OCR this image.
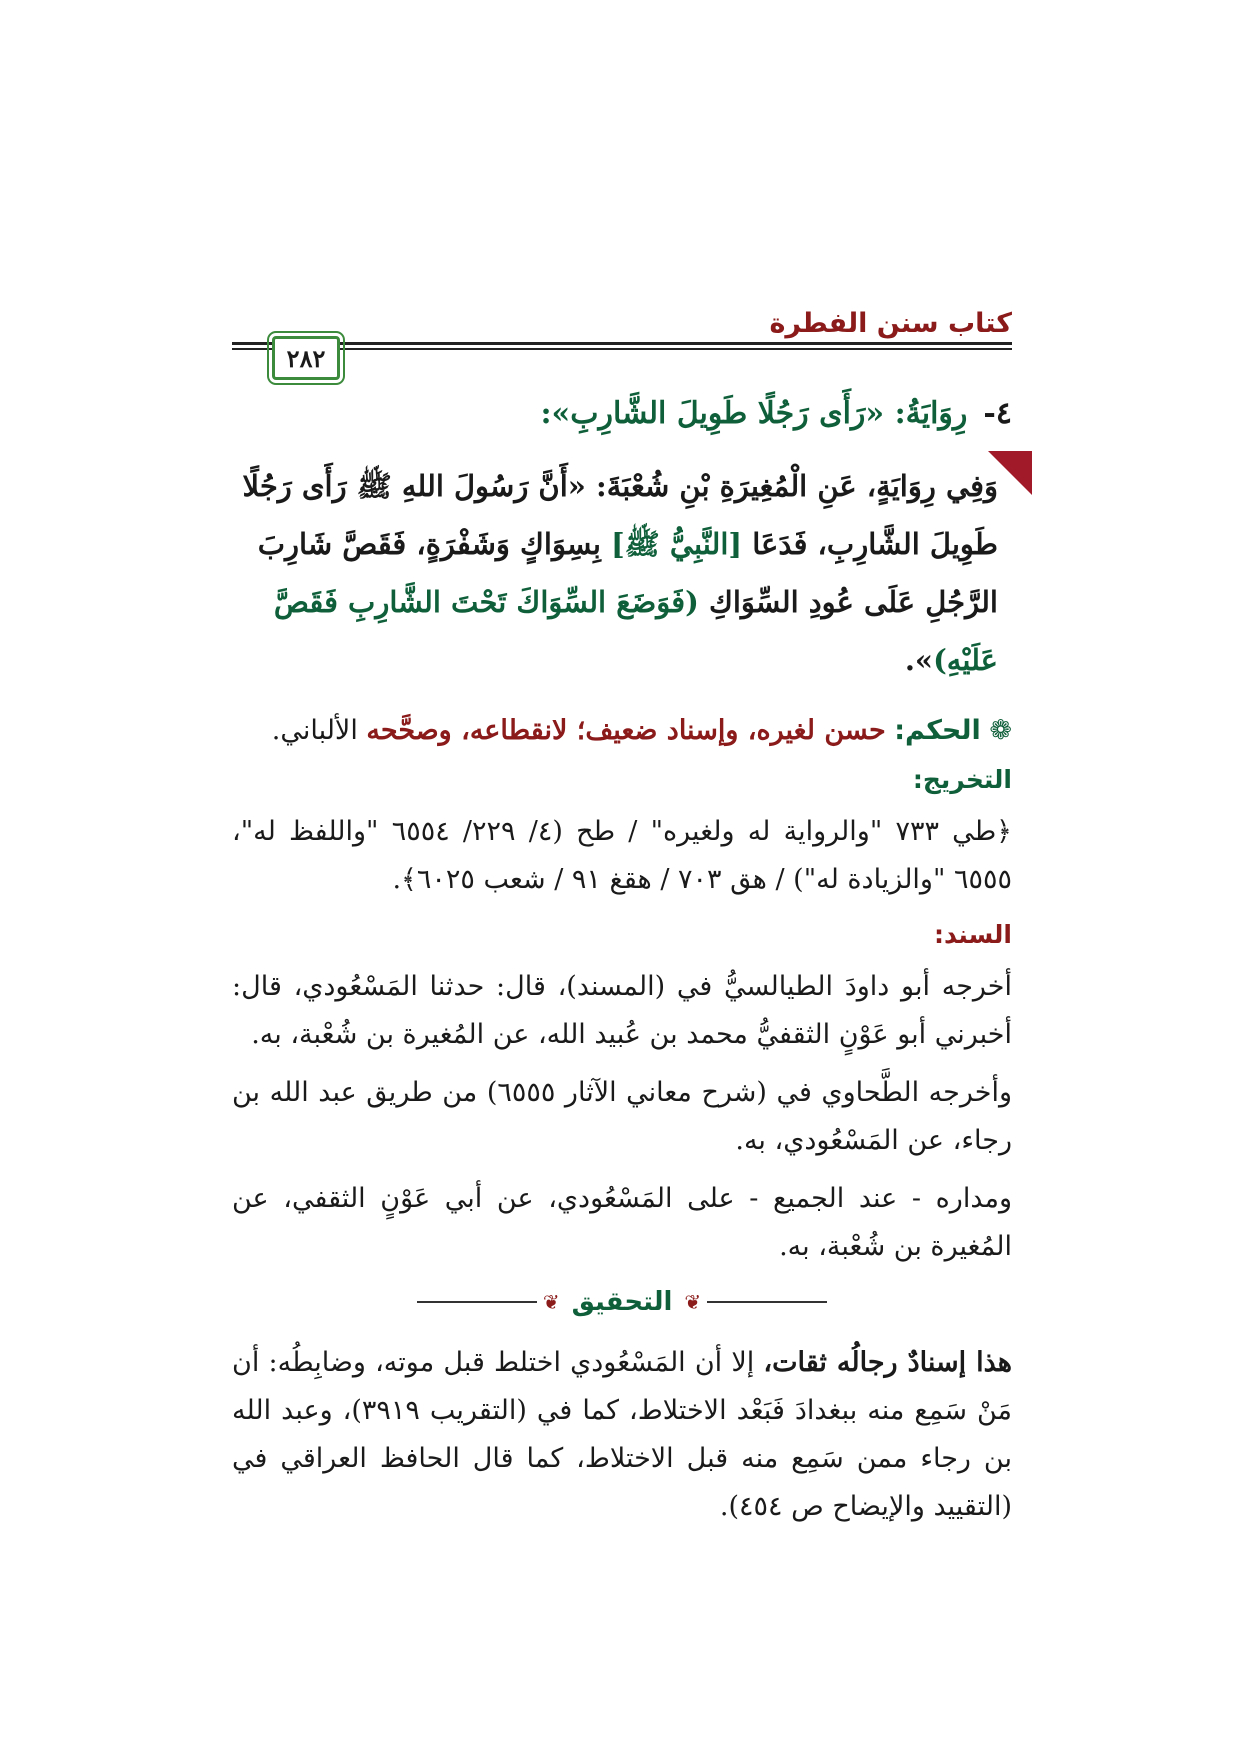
كتاب سنن الفطرة
٢٨٢
٤-رِوَايَةُ: «رَأَى رَجُلًا طَوِيلَ الشَّارِبِ»:
وَفِي رِوَايَةٍ، عَنِ الْمُغِيرَةِ بْنِ شُعْبَةَ: «أَنَّ رَسُولَ اللهِ ﷺ رَأَى رَجُلًا طَوِيلَ الشَّارِبِ، فَدَعَا [النَّبِيُّ ﷺ] بِسِوَاكٍ وَشَفْرَةٍ، فَقَصَّ شَارِبَ الرَّجُلِ عَلَى عُودِ السِّوَاكِ (فَوَضَعَ السِّوَاكَ تَحْتَ الشَّارِبِ فَقَصَّ عَلَيْهِ)».
❁ الحكم: حسن لغيره، وإسناد ضعيف؛ لانقطاعه، وصحَّحه الألباني.
التخريج:
﴿طي ٧٣٣ "والرواية له ولغيره" / طح (٤/ ٢٢٩/ ٦٥٥٤ "واللفظ له"، ٦٥٥٥ "والزيادة له") / هق ٧٠٣ / هقغ ٩١ / شعب ٦٠٢٥﴾.
السند:
أخرجه أبو داودَ الطيالسيُّ في (المسند)، قال: حدثنا المَسْعُودي، قال: أخبرني أبو عَوْنٍ الثقفيُّ محمد بن عُبيد الله، عن المُغيرة بن شُعْبة، به.
وأخرجه الطَّحاوي في (شرح معاني الآثار ٦٥٥٥) من طريق عبد الله بن رجاء، عن المَسْعُودي، به.
ومداره - عند الجميع - على المَسْعُودي، عن أبي عَوْنٍ الثقفي، عن المُغيرة بن شُعْبة، به.
❦
التحقيق
❦
هذا إسنادٌ رجالُه ثقات، إلا أن المَسْعُودي اختلط قبل موته، وضابِطُه: أن مَنْ سَمِع منه ببغدادَ فَبَعْد الاختلاط، كما في (التقريب ٣٩١٩)، وعبد الله بن رجاء ممن سَمِع منه قبل الاختلاط، كما قال الحافظ العراقي في (التقييد والإيضاح ص ٤٥٤).
